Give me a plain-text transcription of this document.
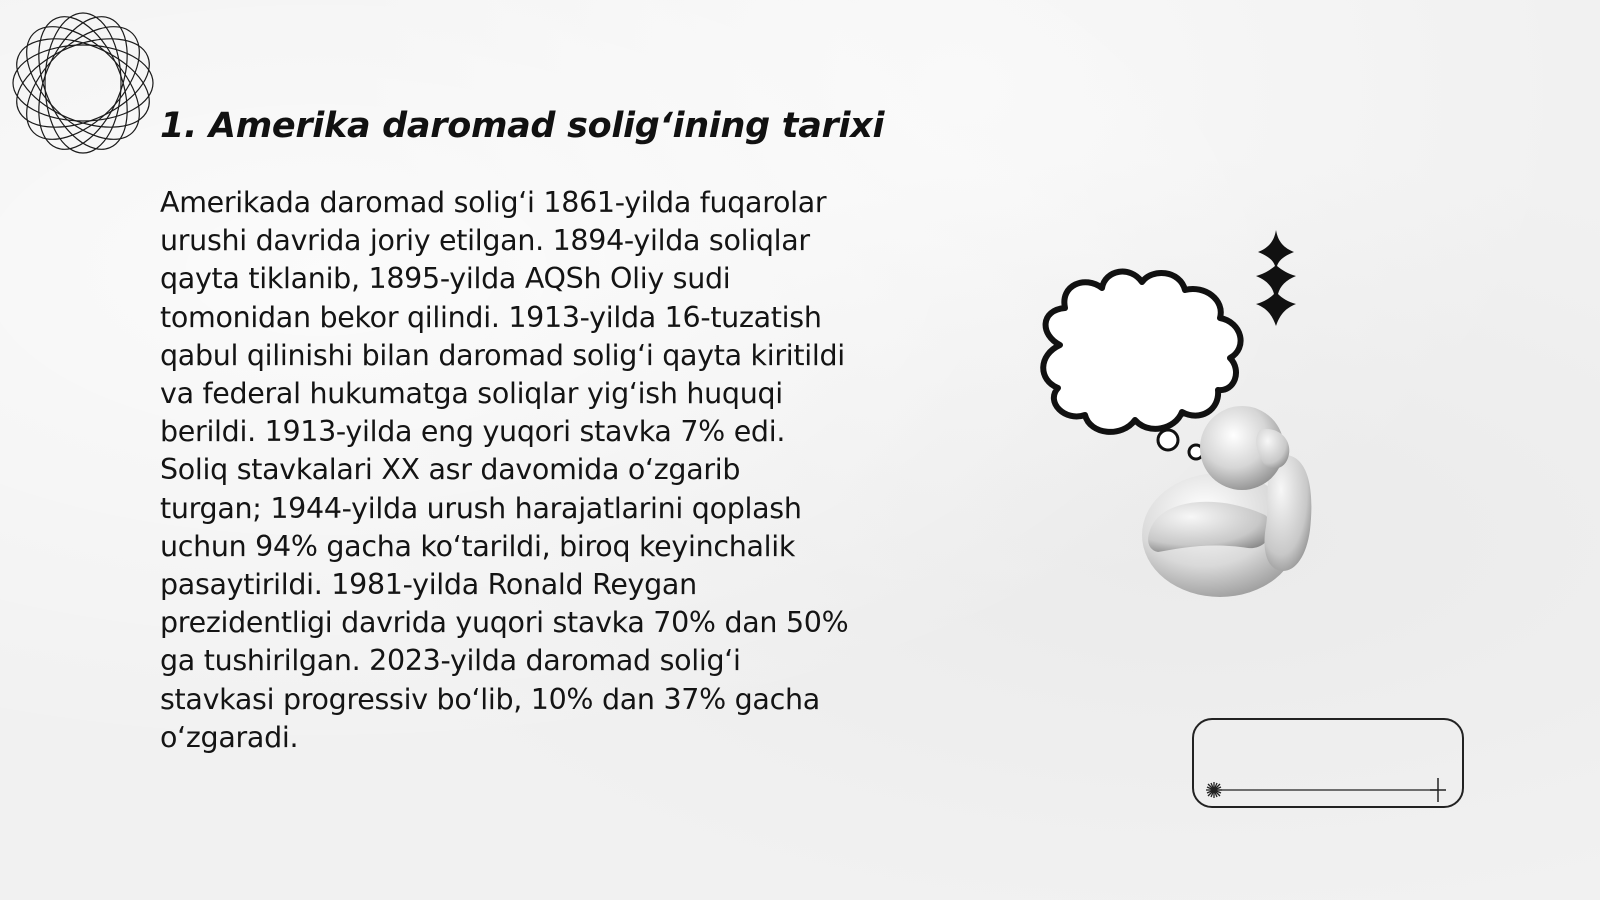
1. Amerika daromad solig‘ining tarixi

Amerikada daromad solig‘i 1861-yilda fuqarolar urushi davrida joriy etilgan. 1894-yilda soliqlar qayta tiklanib, 1895-yilda AQSh Oliy sudi tomonidan bekor qilindi. 1913-yilda 16-tuzatish qabul qilinishi bilan daromad solig‘i qayta kiritildi va federal hukumatga soliqlar yig‘ish huquqi berildi. 1913-yilda eng yuqori stavka 7% edi. Soliq stavkalari XX asr davomida o‘zgarib turgan; 1944-yilda urush harajatlarini qoplash uchun 94% gacha ko‘tarildi, biroq keyinchalik pasaytirildi. 1981-yilda Ronald Reygan prezidentligi davrida yuqori stavka 70% dan 50% ga tushirilgan. 2023-yilda daromad solig‘i stavkasi progressiv bo‘lib, 10% dan 37% gacha o‘zgaradi.
